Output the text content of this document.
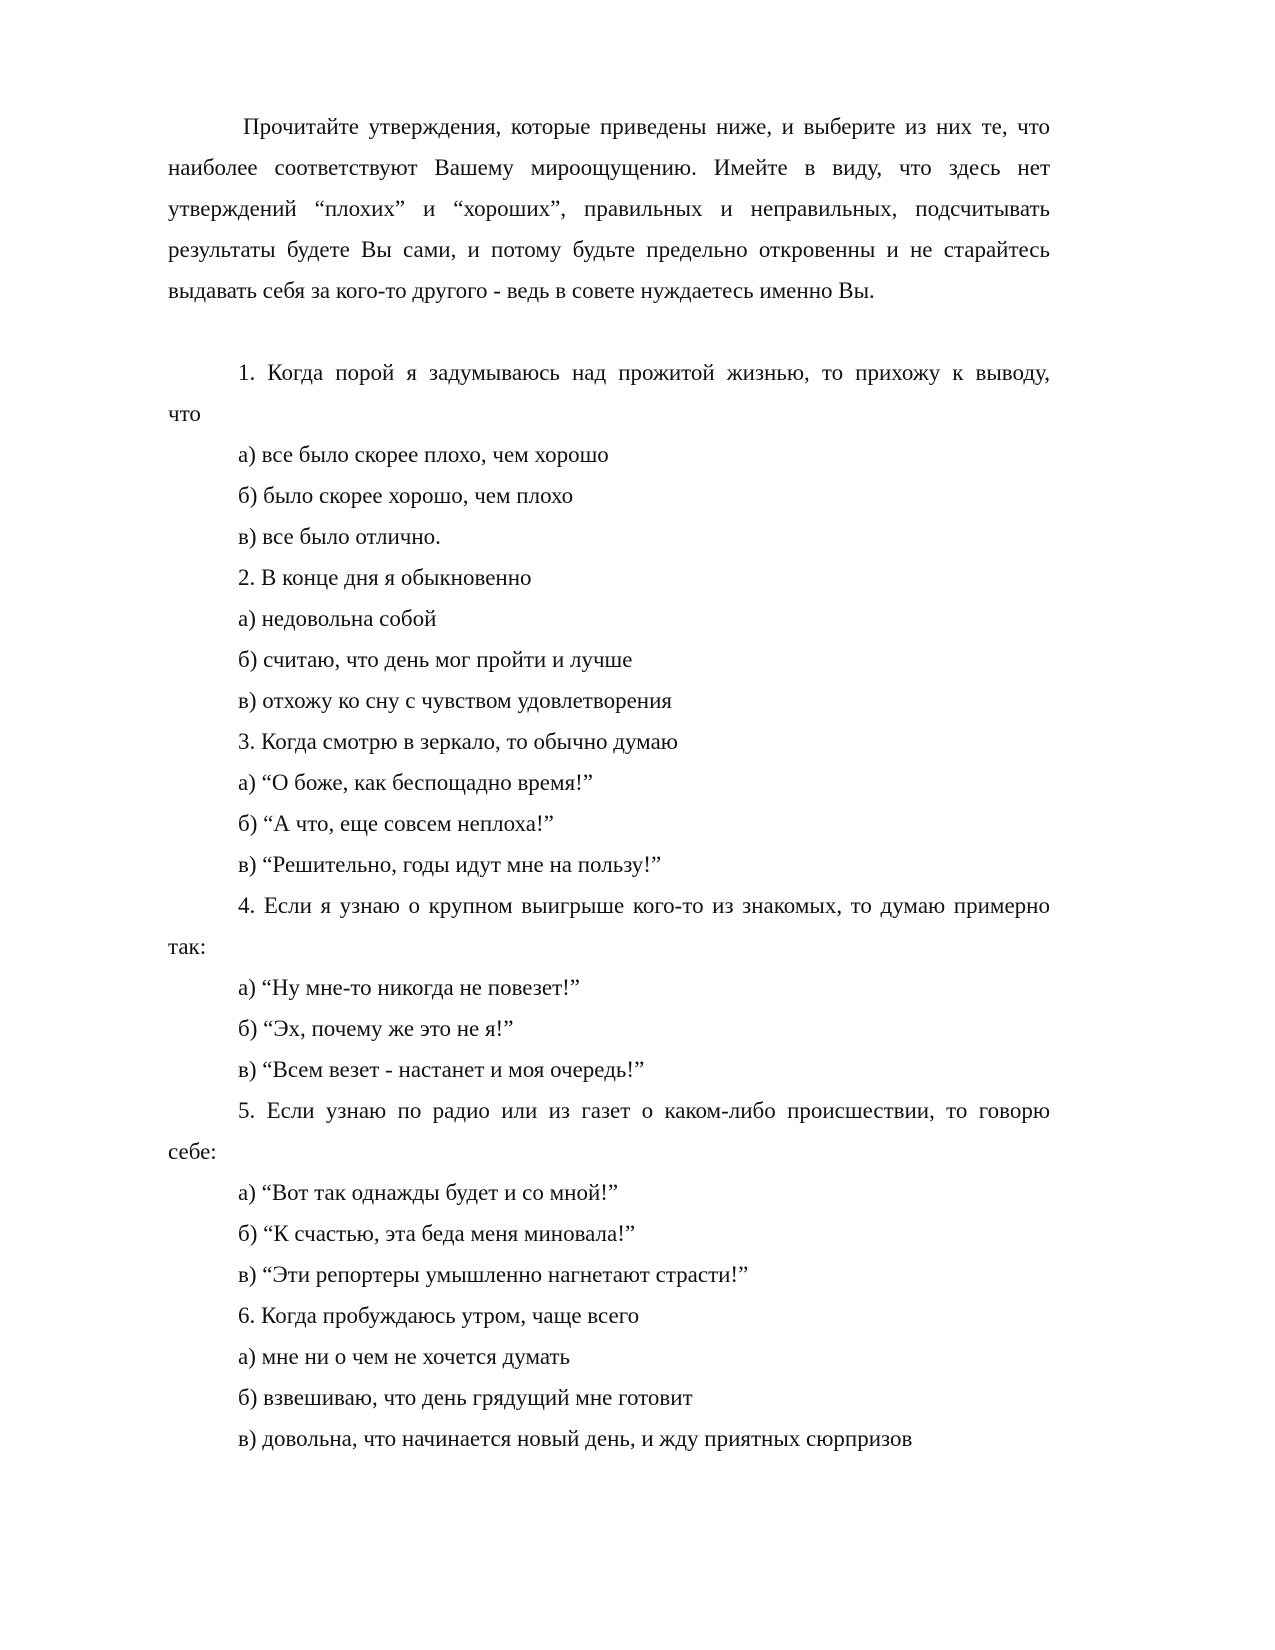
Прочитайте утверждения, которые приведены ниже, и выберите из них те, что
наиболее соответствуют Вашему мироощущению. Имейте в виду, что здесь нет
утверждений “плохих” и “хороших”, правильных и неправильных, подсчитывать
результаты будете Вы сами, и потому будьте предельно откровенны и не старайтесь
выдавать себя за кого-то другого - ведь в совете нуждаетесь именно Вы.
1. Когда порой я задумываюсь над прожитой жизнью, то прихожу к выводу,
что
а) все было скорее плохо, чем хорошо
б) было скорее хорошо, чем плохо
в) все было отлично.
2. В конце дня я обыкновенно
а) недовольна собой
б) считаю, что день мог пройти и лучше
в) отхожу ко сну с чувством удовлетворения
3. Когда смотрю в зеркало, то обычно думаю
а) “О боже, как беспощадно время!”
б) “А что, еще совсем неплоха!”
в) “Решительно, годы идут мне на пользу!”
4. Если я узнаю о крупном выигрыше кого-то из знакомых, то думаю примерно
так:
а) “Ну мне-то никогда не повезет!”
б) “Эх, почему же это не я!”
в) “Всем везет - настанет и моя очередь!”
5. Если узнаю по радио или из газет о каком-либо происшествии, то говорю
себе:
а) “Вот так однажды будет и со мной!”
б) “К счастью, эта беда меня миновала!”
в) “Эти репортеры умышленно нагнетают страсти!”
6. Когда пробуждаюсь утром, чаще всего
а) мне ни о чем не хочется думать
б) взвешиваю, что день грядущий мне готовит
в) довольна, что начинается новый день, и жду приятных сюрпризов
